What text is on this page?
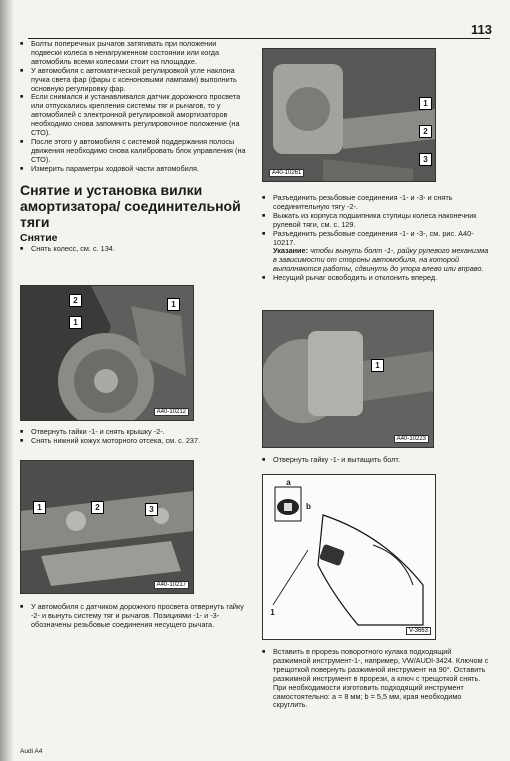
113
■ Болты поперечных рычагов затягивать при положении подвески колеса в ненагруженном состоянии или когда автомобиль всеми колесами стоит на площадке.
■ У автомобиля с автоматической регулировкой угле наклона пучка света фар (фары с ксеноновыми лампами) выполнить основную регулировку фар.
■ Если снимался и устанавливался датчик дорожного просвета или отпускались крепления системы тяг и рычагов, то у автомобилей с электронной регулировкой амортизаторов необходимо снова запомнить регулировочное положение (на СТО).
■ После этого у автомобиля с системой поддержания полосы движения необходимо снова калибровать блок управления (на СТО).
■ Измерить параметры ходовой части автомобиля.
Снятие и установка вилки амортизатора/ соединительной тяги
Снятие
■ Снять колесс, см. с. 134.
2
1
1
A40-10212
■ Отвернуть гайки -1- и снять крышку -2-.
■ Снять нижний кожух моторного отсека, см. с. 237.
1	2	3
A40-10217
■ У автомобиля с датчиком дорожного просвета отвернуть гайку -2- и вынуть систему тяг и рычагов. Позициями -1- и -3- обозначены резьбовые соединения несущего рычага.
1
2
3
A40-10261
■ Разъединить резьбовые соединения -1- и -3- и снять соединительную тягу -2-.
■ Выжать из корпуса подшипника ступицы колеса наконечник рулевой тяги, см. с. 129.
■ Разъединить резьбовые соединения -1- и -3-, см. рис. A40-10217.
Указание: чтобы вынуть болт -1-, райку рулевого механизма в зависимости от стороны автомобиля, на которой выполняются работы, сдвинуть до упора влево или вправо.
■ Несущий рычаг освободить и отклонить вперед.
1
A40-10223
■ Отвернуть гайку -1- и вытащить болт.
a
b
1
V-3663
■ Вставить в прорезь поворотного кулака подходящий разжимной инструмент-1-, например, VW/AUDI-3424. Ключом с трещоткой повернуть разжимной инструмент на 90°. Оставить разжимной инструмент в прорези, а ключ с трещоткой снять. При необходимости изготовить подходящий инструмент самостоятельно: a = 8 мм; b = 5,5 мм, края необходимо скруглить.
Audi A4
